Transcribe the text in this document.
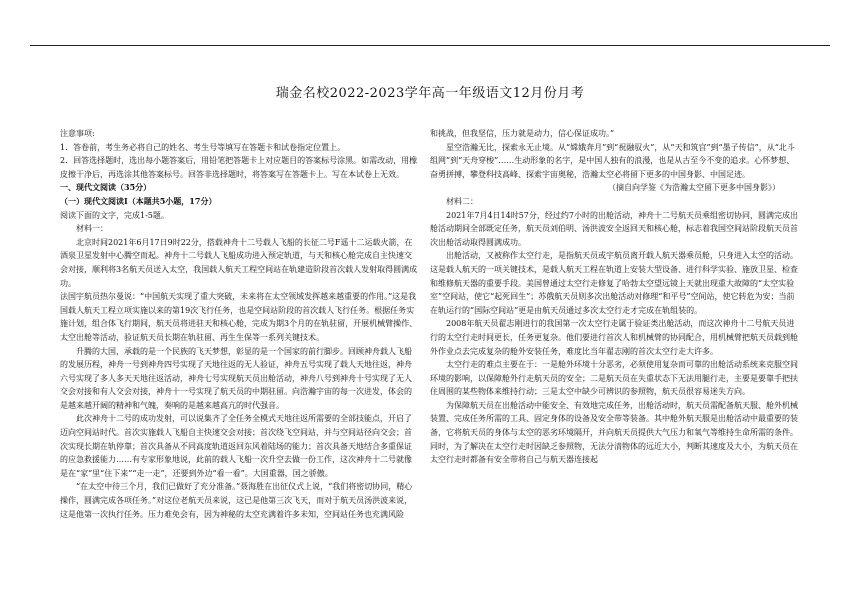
瑞金名校2022-2023学年高一年级语文12月份月考

注意事项:

1．答卷前，考生务必将自己的姓名、考生号等填写在答题卡和试卷指定位置上。

2．回答选择题时，选出每小题答案后，用铅笔把答题卡上对应题目的答案标号涂黑。如需改动，用橡皮擦干净后，再选涂其他答案标号。回答非选择题时，将答案写在答题卡上。写在本试卷上无效。

一、现代文阅读（35分）

（一）现代文阅读Ⅰ（本题共5小题，17分）

阅读下面的文字，完成1-5题。

材料一：

北京时间2021年6月17日9时22分，搭载神舟十二号载人飞船的长征二号F遥十二运载火箭，在酒泉卫星发射中心腾空而起。神舟十二号载人飞船成功进入预定轨道，与天和核心舱完成自主快速交会对接，顺利将3名航天员送入太空，我国载人航天工程空间站在轨建造阶段首次载人发射取得圆满成功。

法国宇航员热尔曼说：“中国航天实现了重大突破，未来将在太空领域发挥越来越重要的作用。”这是我国载人航天工程立项实施以来的第19次飞行任务，也是空间站阶段的首次载人飞行任务。根据任务实施计划，组合体飞行期间，航天员将进驻天和核心舱，完成为期3个月的在轨驻留，开展机械臂操作、太空出舱等活动，验证航天员长期在轨驻留、再生生保等一系列关键技术。

升腾的大国，承载的是一个民族的飞天梦想，彰显的是一个国家的前行脚步。回顾神舟载人飞船的发展历程，神舟一号到神舟四号实现了天地往返的无人验证，神舟五号实现了载人天地往返，神舟六号实现了多人多天天地往返活动，神舟七号实现航天员出舱活动，神舟八号到神舟十号实现了无人交会对接和有人交会对接，神舟十一号实现了航天员的中期驻留。向浩瀚宇宙的每一次进发，体会的是越来越开阔的精神和气魄，奏响的是越来越高亢的时代强音。

此次神舟十二号的成功发射，可以说集齐了全任务全模式天地往返所需要的全部技能点，开启了迈向空间站时代。首次实施载人飞船自主快速交会对接；首次绕飞空间站，并与空间站径向交会；首次实现长期在轨停靠；首次具备从不同高度轨道返回东风着陆场的能力；首次具备天地结合多重保证的应急救援能力……有专家形象地说，此前的载人飞船一次升空去做一份工作，这次神舟十二号就像是在“家”里“住下来”“走一走”，还要到外边“看一看”。大国重器，国之骄傲。

“在太空中待三个月，我们已做好了充分准备。”聂海胜在出征仪式上说，“我们将密切协同，精心操作，圆满完成各项任务。”对这位老航天员来说，这已是他第三次飞天，而对于航天员汤洪波来说，这是他第一次执行任务。压力难免会有，因为神秘的太空充满着许多未知，空间站任务也充满风险

和挑战，但我坚信，压力就是动力，信心保证成功。”

星空浩瀚无比，探索永无止境。从“嫦娥奔月”到“祝融驭火”，从“天和筑宫”到“墨子传信”，从“北斗组网”到“天舟穿梭”……生动形象的名字，是中国人独有的浪漫，也是从古至今不变的追求。心怀梦想、奋勇拼搏，攀登科技高峰、探索宇宙奥秘，浩瀚太空必将留下更多的中国身影、中国足迹。

（摘自向学鉴《为浩瀚太空留下更多中国身影》）

材料二：

2021年7月4日14时57分，经过约7小时的出舱活动，神舟十二号航天员乘组密切协同，圆满完成出舱活动期间全部既定任务，航天员刘伯明、汤洪波安全返回天和核心舱，标志着我国空间站阶段航天员首次出舱活动取得圆满成功。

出舱活动，又被称作太空行走，是指航天员或宇航员离开载人航天器乘员舱，只身进入太空的活动。这是载人航天的一项关键技术，是载人航天工程在轨道上安装大型设备、进行科学实验、施放卫星、检查和维修航天器的重要手段。美国曾通过太空行走修复了哈勃太空望远镜上天就出现重大故障的“太空实验室”空间站，使它“起死回生”；苏俄航天员则多次出舱活动对修理“和平号”空间站，使它转危为安；当前在轨运行的“国际空间站”更是由航天员通过多次太空行走才完成在轨组装的。

2008年航天员翟志刚进行的我国第一次太空行走属于验证类出舱活动，而这次神舟十二号航天员进行的太空行走时间更长，任务更复杂。他们要进行首次人和机械臂的协同配合，用机械臂把航天员载到舱外作业点去完成复杂的舱外安装任务，难度比当年翟志刚的首次太空行走大许多。

太空行走的难点主要在于：一是舱外环境十分恶劣，必须使用复杂而可靠的出舱活动系统来克服空间环境的影响，以保障舱外行走航天员的安全；二是航天员在失重状态下无法用腿行走，主要是要靠手把扶住周围的某些物体来维持行动；三是太空中缺少可辨识的参照物，航天员很容易迷失方向。

为保障航天员在出舱活动中能安全、有效地完成任务，出舱活动时，航天员需配备航天服、舱外机械装置、完成任务所需的工具、固定身体的设备及安全带等装备。其中舱外航天服是出舱活动中最重要的装备，它将航天员的身体与太空的恶劣环境隔开，并向航天员提供大气压力和氧气等维持生命所需的条件。同时，为了解决在太空行走时因缺乏参照物，无法分清物体的远近大小，判断其速度及大小，为航天员在太空行走时都备有安全带将自己与航天器连接起
